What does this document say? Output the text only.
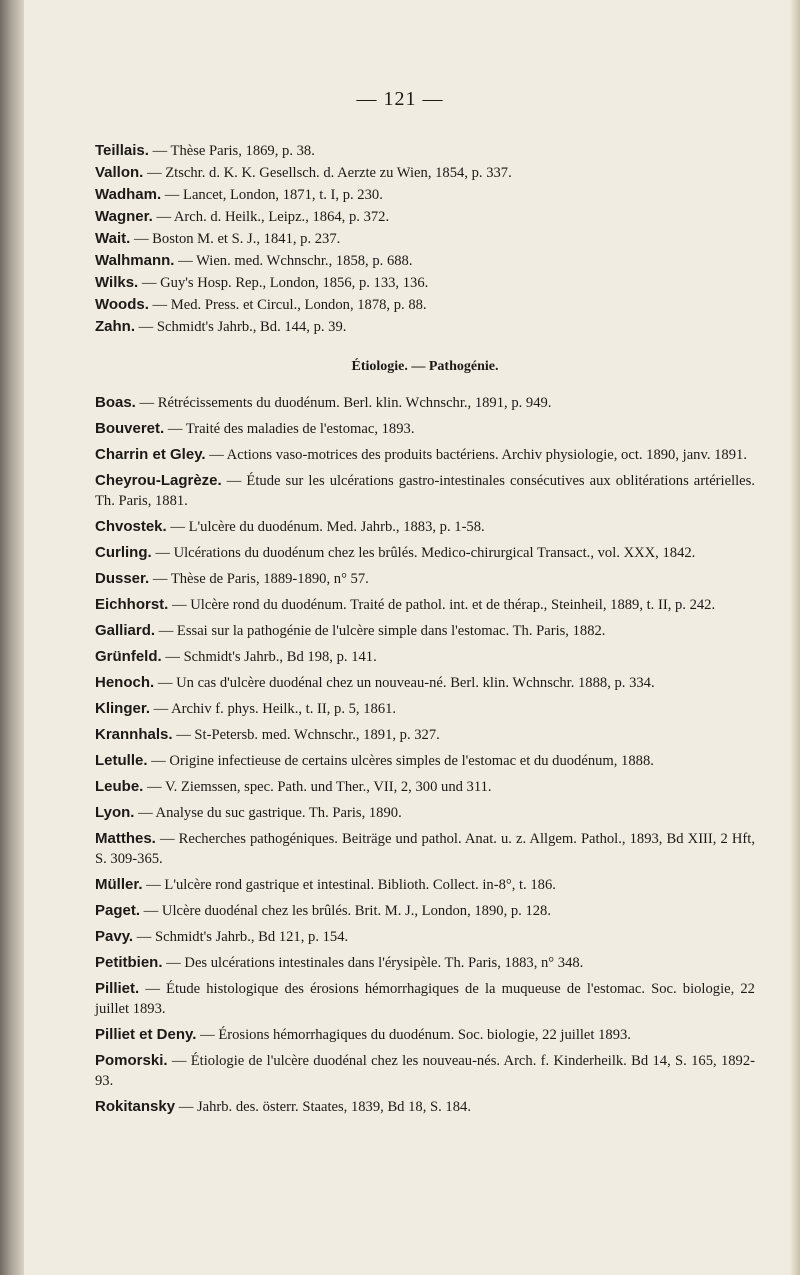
— 121 —

Teillais. — Thèse Paris, 1869, p. 38.

Vallon. — Ztschr. d. K. K. Gesellsch. d. Aerzte zu Wien, 1854, p. 337.

Wadham. — Lancet, London, 1871, t. I, p. 230.

Wagner. — Arch. d. Heilk., Leipz., 1864, p. 372.

Wait. — Boston M. et S. J., 1841, p. 237.

Walhmann. — Wien. med. Wchnschr., 1858, p. 688.

Wilks. — Guy's Hosp. Rep., London, 1856, p. 133, 136.

Woods. — Med. Press. et Circul., London, 1878, p. 88.

Zahn. — Schmidt's Jahrb., Bd. 144, p. 39.

Étiologie. — Pathogénie.

Boas. — Rétrécissements du duodénum. Berl. klin. Wchnschr., 1891, p. 949.

Bouveret. — Traité des maladies de l'estomac, 1893.

Charrin et Gley. — Actions vaso-motrices des produits bactériens. Archiv physiologie, oct. 1890, janv. 1891.

Cheyrou-Lagrèze. — Étude sur les ulcérations gastro-intestinales consécutives aux oblitérations artérielles. Th. Paris, 1881.

Chvostek. — L'ulcère du duodénum. Med. Jahrb., 1883, p. 1-58.

Curling. — Ulcérations du duodénum chez les brûlés. Medico-chirurgical Transact., vol. XXX, 1842.

Dusser. — Thèse de Paris, 1889-1890, n° 57.

Eichhorst. — Ulcère rond du duodénum. Traité de pathol. int. et de thérap., Steinheil, 1889, t. II, p. 242.

Galliard. — Essai sur la pathogénie de l'ulcère simple dans l'estomac. Th. Paris, 1882.

Grünfeld. — Schmidt's Jahrb., Bd 198, p. 141.

Henoch. — Un cas d'ulcère duodénal chez un nouveau-né. Berl. klin. Wchnschr. 1888, p. 334.

Klinger. — Archiv f. phys. Heilk., t. II, p. 5, 1861.

Krannhals. — St-Petersb. med. Wchnschr., 1891, p. 327.

Letulle. — Origine infectieuse de certains ulcères simples de l'estomac et du duodénum, 1888.

Leube. — V. Ziemssen, spec. Path. und Ther., VII, 2, 300 und 311.

Lyon. — Analyse du suc gastrique. Th. Paris, 1890.

Matthes. — Recherches pathogéniques. Beiträge und pathol. Anat. u. z. Allgem. Pathol., 1893, Bd XIII, 2 Hft, S. 309-365.

Müller. — L'ulcère rond gastrique et intestinal. Biblioth. Collect. in-8°, t. 186.

Paget. — Ulcère duodénal chez les brûlés. Brit. M. J., London, 1890, p. 128.

Pavy. — Schmidt's Jahrb., Bd 121, p. 154.

Petitbien. — Des ulcérations intestinales dans l'érysipèle. Th. Paris, 1883, n° 348.

Pilliet. — Étude histologique des érosions hémorrhagiques de la muqueuse de l'estomac. Soc. biologie, 22 juillet 1893.

Pilliet et Deny. — Érosions hémorrhagiques du duodénum. Soc. biologie, 22 juillet 1893.

Pomorski. — Étiologie de l'ulcère duodénal chez les nouveau-nés. Arch. f. Kinderheilk. Bd 14, S. 165, 1892-93.

Rokitansky — Jahrb. des. österr. Staates, 1839, Bd 18, S. 184.
